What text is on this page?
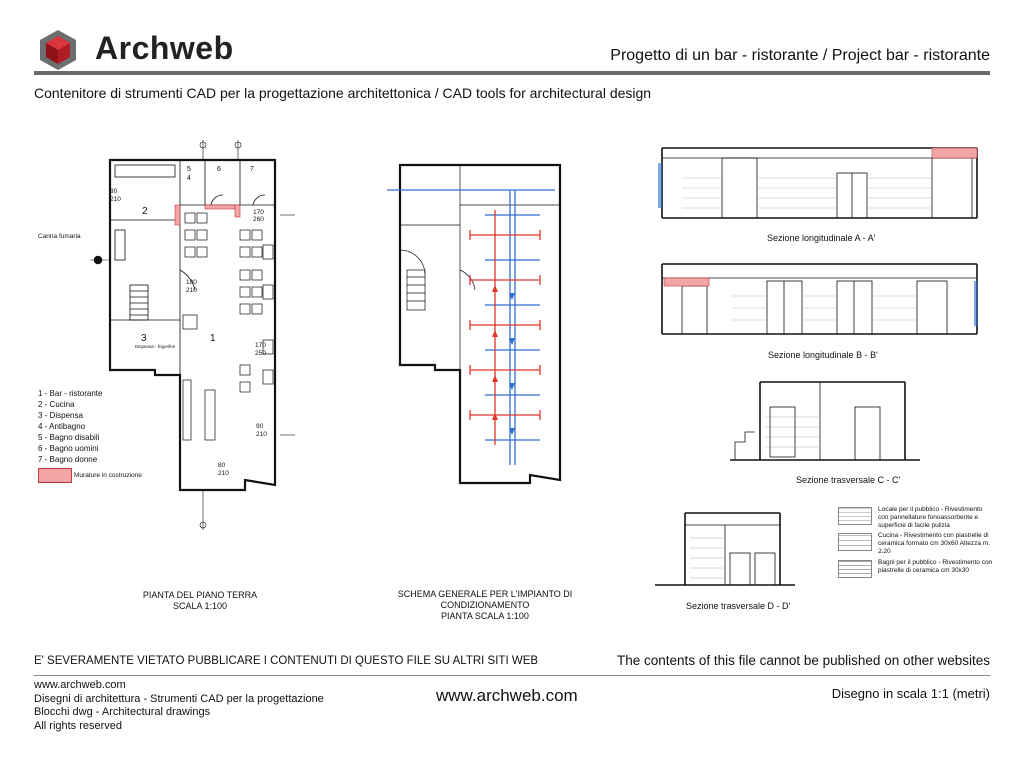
Archweb	Progetto di un bar - ristorante / Project bar - ristorante
Contenitore di strumenti CAD per la progettazione architettonica / CAD tools for architectural design
1
2
3
4
5	6	7
Canna fumaria
Dispensa - frigoriferi
80
210
180
210
170
260
170
250
90
210
80
210
1 - Bar - ristorante
2 - Cucina
3 - Dispensa
4 - Antibagno
5 - Bagno disabili
6 - Bagno uomini
7 - Bagno donne
Murature in costruzione
PIANTA DEL PIANO TERRA
SCALA 1:100
SCHEMA GENERALE PER L'IMPIANTO DI CONDIZIONAMENTO
PIANTA SCALA 1:100
Sezione longitudinale A - A'
Sezione longitudinale B - B'
Sezione trasversale C - C'
Sezione trasversale D - D'
Locale per il pubblico - Rivestimento con pannellature fonoassorbente e superficie di facile pulizia
Cucina - Rivestimento con piastrelle di ceramica formato cm 30x60 Altezza m. 2.20
Bagni per il pubblico - Rivestimento con piastrelle di ceramica cm 30x30
E' SEVERAMENTE VIETATO PUBBLICARE I CONTENUTI DI QUESTO FILE SU ALTRI SITI WEB	The contents of this file cannot be published on other websites
www.archweb.com
Disegni di architettura - Strumenti CAD per la progettazione
Blocchi dwg - Architectural drawings
All rights reserved
www.archweb.com	Disegno in scala 1:1 (metri)
